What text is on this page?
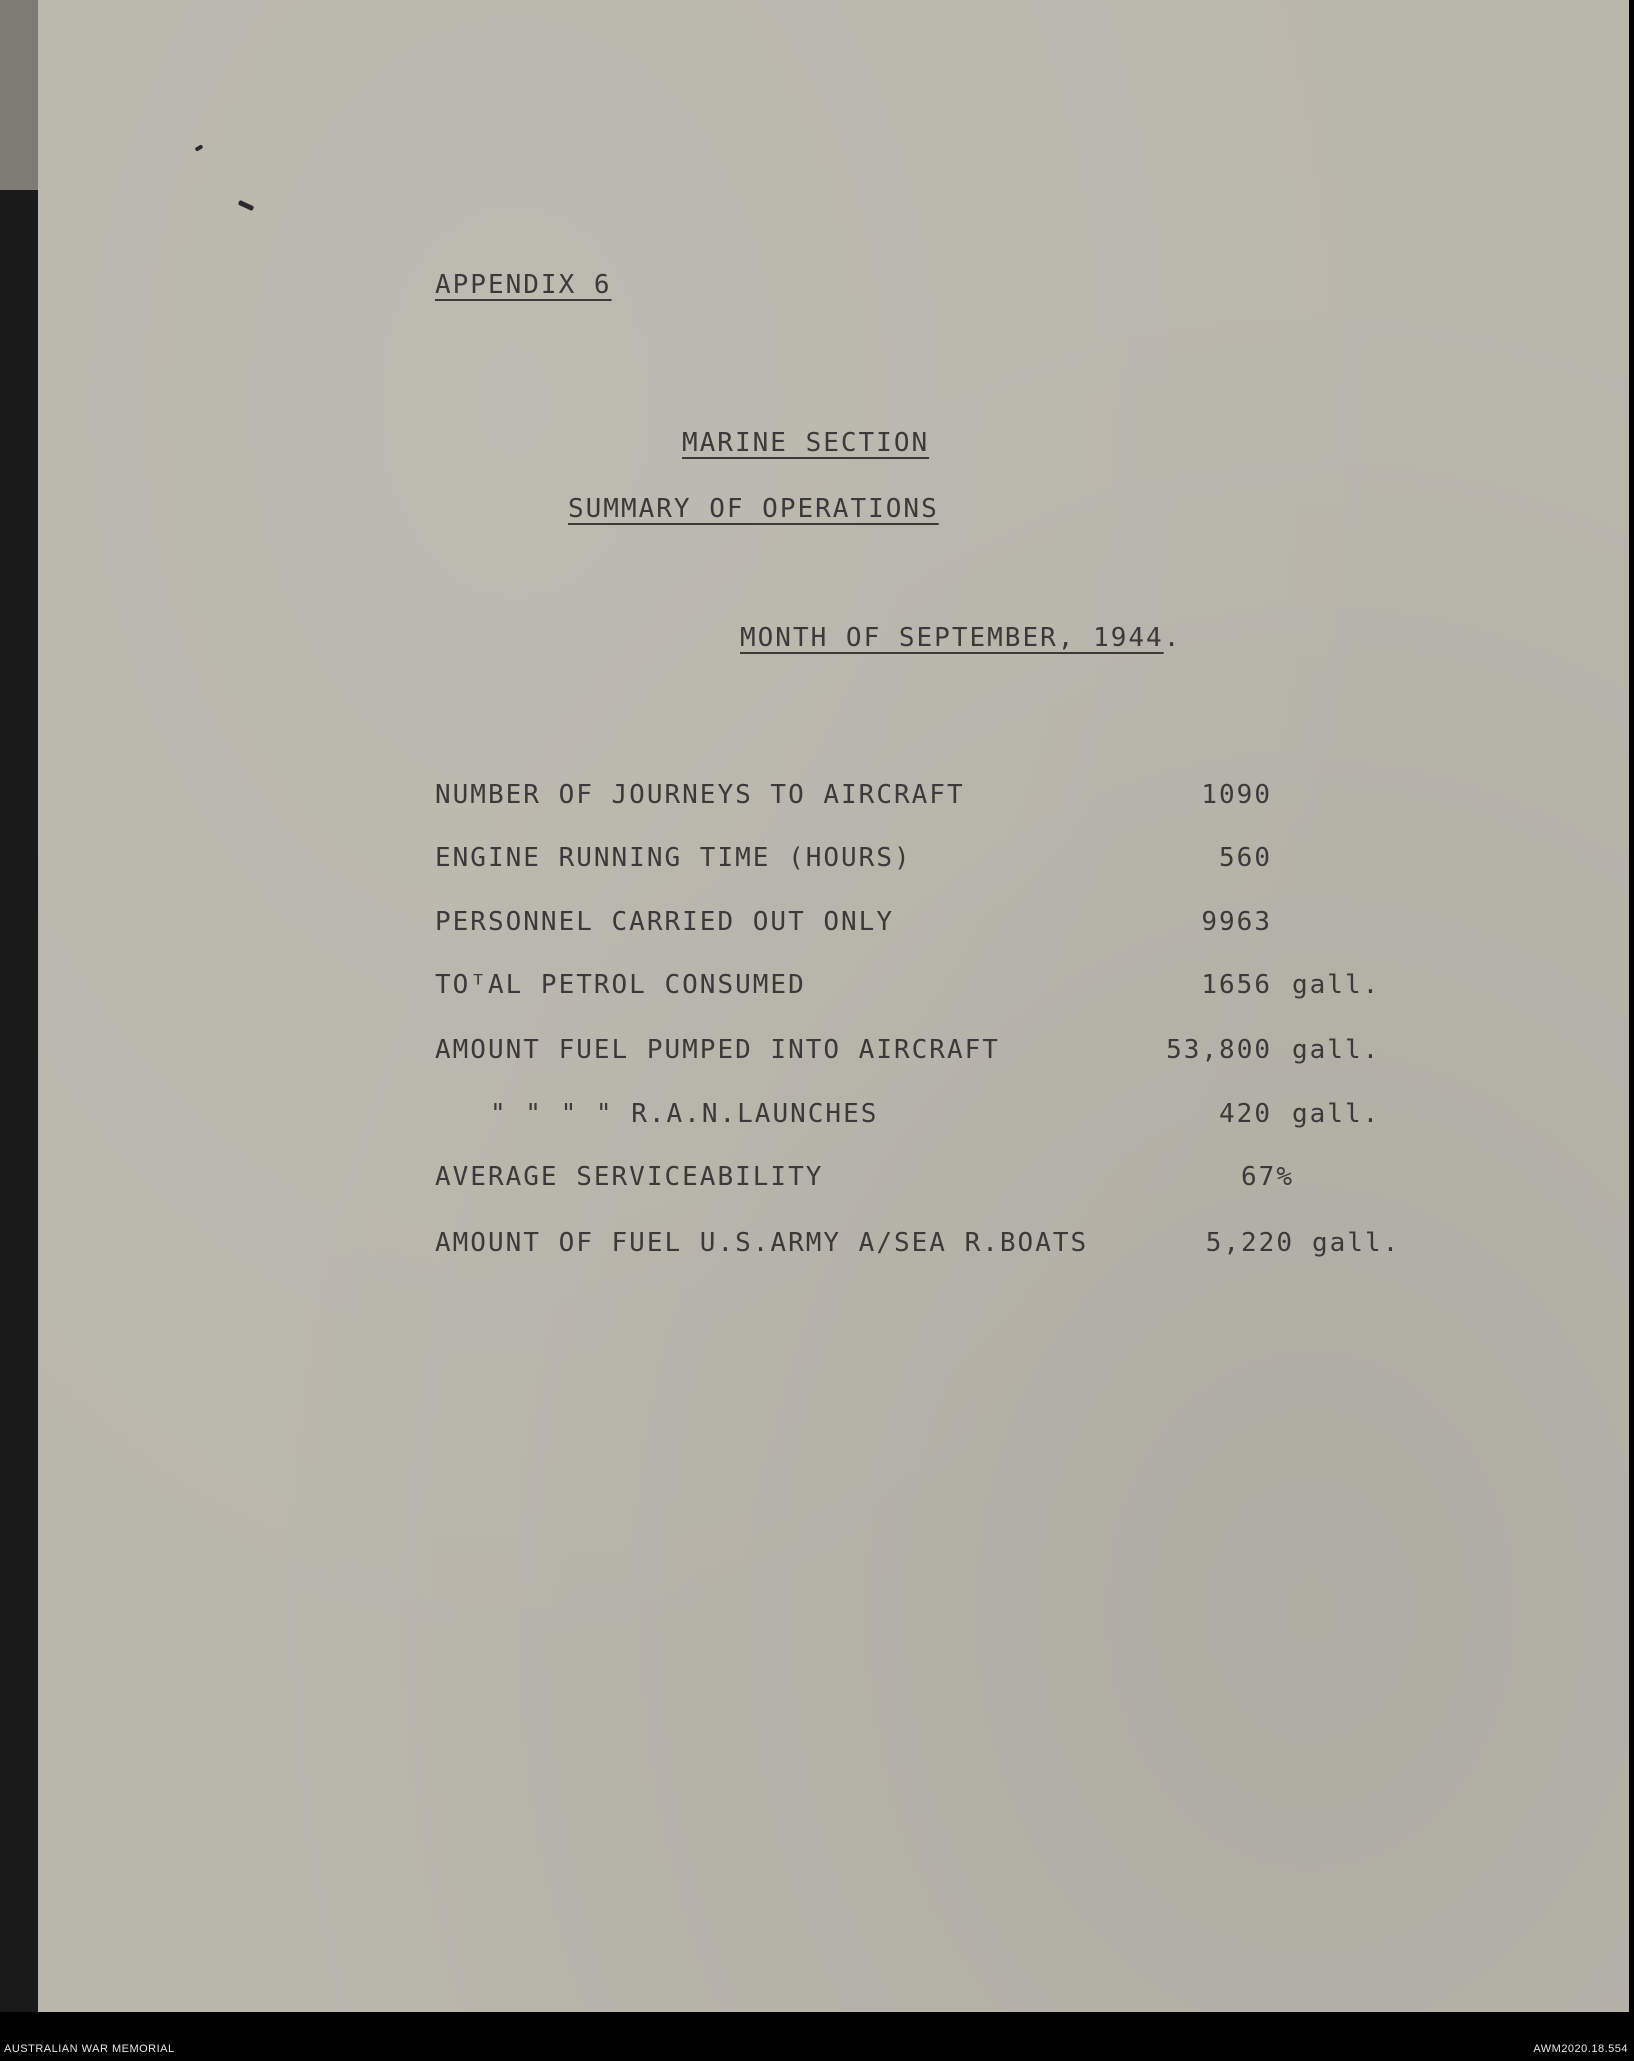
APPENDIX 6
MARINE SECTION
SUMMARY OF OPERATIONS
MONTH OF SEPTEMBER, 1944.
NUMBER OF JOURNEYS TO AIRCRAFT	1090
ENGINE RUNNING TIME (HOURS)	560
PERSONNEL CARRIED OUT ONLY	9963
TOᵀAL PETROL CONSUMED	1656 gall.
AMOUNT FUEL PUMPED INTO AIRCRAFT	53,800 gall.
" " " " R.A.N.LAUNCHES	420 gall.
AVERAGE SERVICEABILITY	67%
AMOUNT OF FUEL U.S.ARMY A/SEA R.BOATS	5,220 gall.
AUSTRALIAN WAR MEMORIAL	AWM2020.18.554
